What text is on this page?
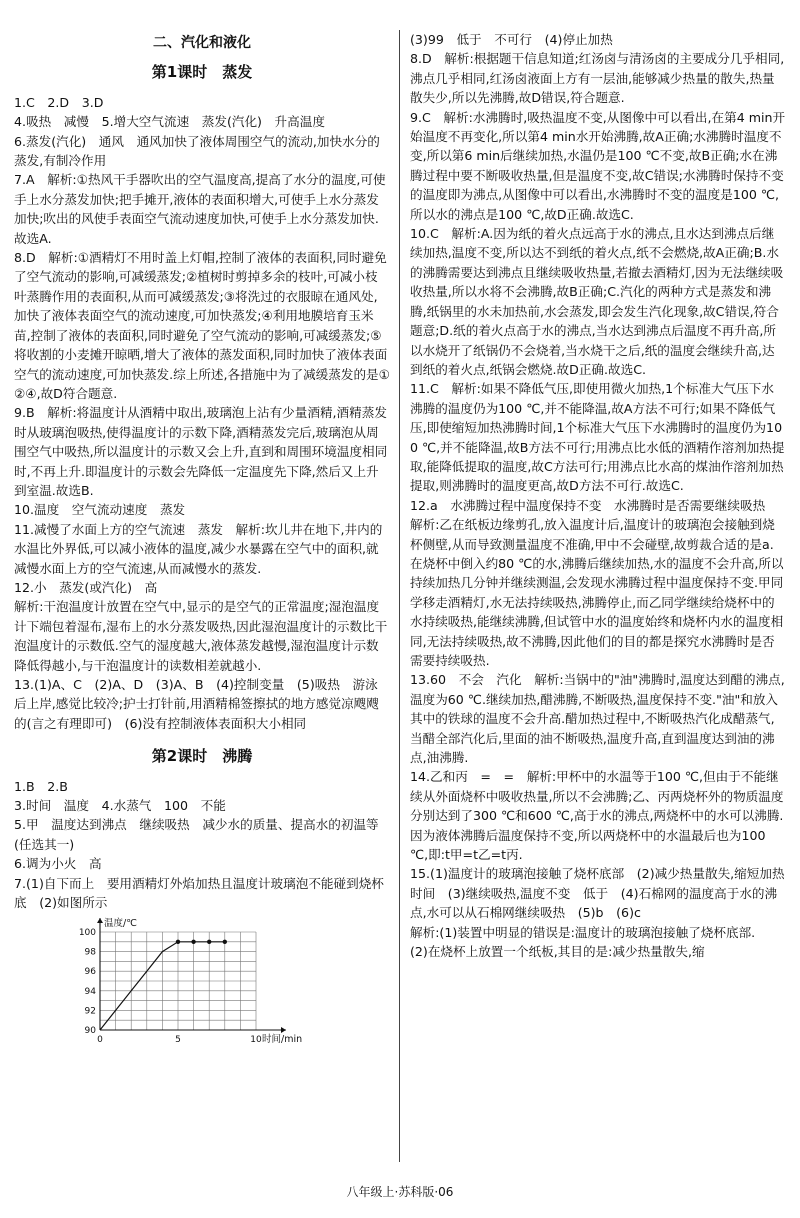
二、汽化和液化
第1课时　蒸发

1.C　2.D　3.D

4.吸热　减慢　5.增大空气流速　蒸发(汽化)　升高温度

6.蒸发(汽化)　通风　通风加快了液体周围空气的流动,加快水分的蒸发,有制冷作用

7.A　解析:①热风干手器吹出的空气温度高,提高了水分的温度,可使手上水分蒸发加快;把手摊开,液体的表面积增大,可使手上水分蒸发加快;吹出的风使手表面空气流动速度加快,可使手上水分蒸发加快.故选A.

8.D　解析:①酒精灯不用时盖上灯帽,控制了液体的表面积,同时避免了空气流动的影响,可减缓蒸发;②植树时剪掉多余的枝叶,可减小枝叶蒸腾作用的表面积,从而可减缓蒸发;③将洗过的衣服晾在通风处,加快了液体表面空气的流动速度,可加快蒸发;④利用地膜培育玉米苗,控制了液体的表面积,同时避免了空气流动的影响,可减缓蒸发;⑤将收割的小麦摊开晾晒,增大了液体的蒸发面积,同时加快了液体表面空气的流动速度,可加快蒸发.综上所述,各措施中为了减缓蒸发的是①②④,故D符合题意.

9.B　解析:将温度计从酒精中取出,玻璃泡上沾有少量酒精,酒精蒸发时从玻璃泡吸热,使得温度计的示数下降,酒精蒸发完后,玻璃泡从周围空气中吸热,所以温度计的示数又会上升,直到和周围环境温度相同时,不再上升.即温度计的示数会先降低一定温度先下降,然后又上升到室温.故选B.

10.温度　空气流动速度　蒸发

11.减慢了水面上方的空气流速　蒸发　解析:坎儿井在地下,井内的水温比外界低,可以减小液体的温度,减少水暴露在空气中的面积,就减慢水面上方的空气流速,从而减慢水的蒸发.

12.小　蒸发(或汽化)　高

解析:干泡温度计放置在空气中,显示的是空气的正常温度;湿泡温度计下端包着湿布,湿布上的水分蒸发吸热,因此湿泡温度计的示数比干泡温度计的示数低.空气的湿度越大,液体蒸发越慢,湿泡温度计示数降低得越小,与干泡温度计的读数相差就越小.

13.(1)A、C　(2)A、D　(3)A、B　(4)控制变量　(5)吸热　游泳后上岸,感觉比较冷;护士打针前,用酒精棉签擦拭的地方感觉凉飕飕的(言之有理即可)　(6)没有控制液体表面积大小相同

第2课时　沸腾

1.B　2.B

3.时间　温度　4.水蒸气　100　不能

5.甲　温度达到沸点　继续吸热　减少水的质量、提高水的初温等(任选其一)

6.调为小火　高

7.(1)自下而上　要用酒精灯外焰加热且温度计玻璃泡不能碰到烧杯底　(2)如图所示

0	5	10
90
92
94
96
98
100
温度/℃
时间/min

(3)99　低于　不可行　(4)停止加热

8.D　解析:根据题干信息知道;红汤卤与清汤卤的主要成分几乎相同,沸点几乎相同,红汤卤液面上方有一层油,能够减少热量的散失,热量散失少,所以先沸腾,故D错误,符合题意.

9.C　解析:水沸腾时,吸热温度不变,从图像中可以看出,在第4 min开始温度不再变化,所以第4 min水开始沸腾,故A正确;水沸腾时温度不变,所以第6 min后继续加热,水温仍是100 ℃不变,故B正确;水在沸腾过程中要不断吸收热量,但是温度不变,故C错误;水沸腾时保持不变的温度即为沸点,从图像中可以看出,水沸腾时不变的温度是100 ℃,所以水的沸点是100 ℃,故D正确.故选C.

10.C　解析:A.因为纸的着火点远高于水的沸点,且水达到沸点后继续加热,温度不变,所以达不到纸的着火点,纸不会燃烧,故A正确;B.水的沸腾需要达到沸点且继续吸收热量,若撤去酒精灯,因为无法继续吸收热量,所以水将不会沸腾,故B正确;C.汽化的两种方式是蒸发和沸腾,纸锅里的水未加热前,水会蒸发,即会发生汽化现象,故C错误,符合题意;D.纸的着火点高于水的沸点,当水达到沸点后温度不再升高,所以水烧开了纸锅仍不会烧着,当水烧干之后,纸的温度会继续升高,达到纸的着火点,纸锅会燃烧.故D正确.故选C.

11.C　解析:如果不降低气压,即使用微火加热,1个标准大气压下水沸腾的温度仍为100 ℃,并不能降温,故A方法不可行;如果不降低气压,即使缩短加热沸腾时间,1个标准大气压下水沸腾时的温度仍为100 ℃,并不能降温,故B方法不可行;用沸点比水低的酒精作溶剂加热提取,能降低提取的温度,故C方法可行;用沸点比水高的煤油作溶剂加热提取,则沸腾时的温度更高,故D方法不可行.故选C.

12.a　水沸腾过程中温度保持不变　水沸腾时是否需要继续吸热　解析:乙在纸板边缘剪孔,放入温度计后,温度计的玻璃泡会接触到烧杯侧壁,从而导致测量温度不准确,甲中不会碰壁,故剪裁合适的是a.在烧杯中倒入约80 ℃的水,沸腾后继续加热,水的温度不会升高,所以持续加热几分钟并继续测温,会发现水沸腾过程中温度保持不变.甲同学移走酒精灯,水无法持续吸热,沸腾停止,而乙同学继续给烧杯中的水持续吸热,能继续沸腾,但试管中水的温度始终和烧杯内水的温度相同,无法持续吸热,故不沸腾,因此他们的目的都是探究水沸腾时是否需要持续吸热.

13.60　不会　汽化　解析:当锅中的"油"沸腾时,温度达到醋的沸点,温度为60 ℃.继续加热,醋沸腾,不断吸热,温度保持不变."油"和放入其中的铁球的温度不会升高.醋加热过程中,不断吸热汽化成醋蒸气,当醋全部汽化后,里面的油不断吸热,温度升高,直到温度达到油的沸点,油沸腾.

14.乙和丙　=　=　解析:甲杯中的水温等于100 ℃,但由于不能继续从外面烧杯中吸收热量,所以不会沸腾;乙、丙两烧杯外的物质温度分别达到了300 ℃和600 ℃,高于水的沸点,两烧杯中的水可以沸腾.因为液体沸腾后温度保持不变,所以两烧杯中的水温最后也为100 ℃,即:t甲=t乙=t丙.

15.(1)温度计的玻璃泡接触了烧杯底部　(2)减少热量散失,缩短加热时间　(3)继续吸热,温度不变　低于　(4)石棉网的温度高于水的沸点,水可以从石棉网继续吸热　(5)b　(6)c

解析:(1)装置中明显的错误是:温度计的玻璃泡接触了烧杯底部.

(2)在烧杯上放置一个纸板,其目的是:减少热量散失,缩

八年级上·苏科版·06
